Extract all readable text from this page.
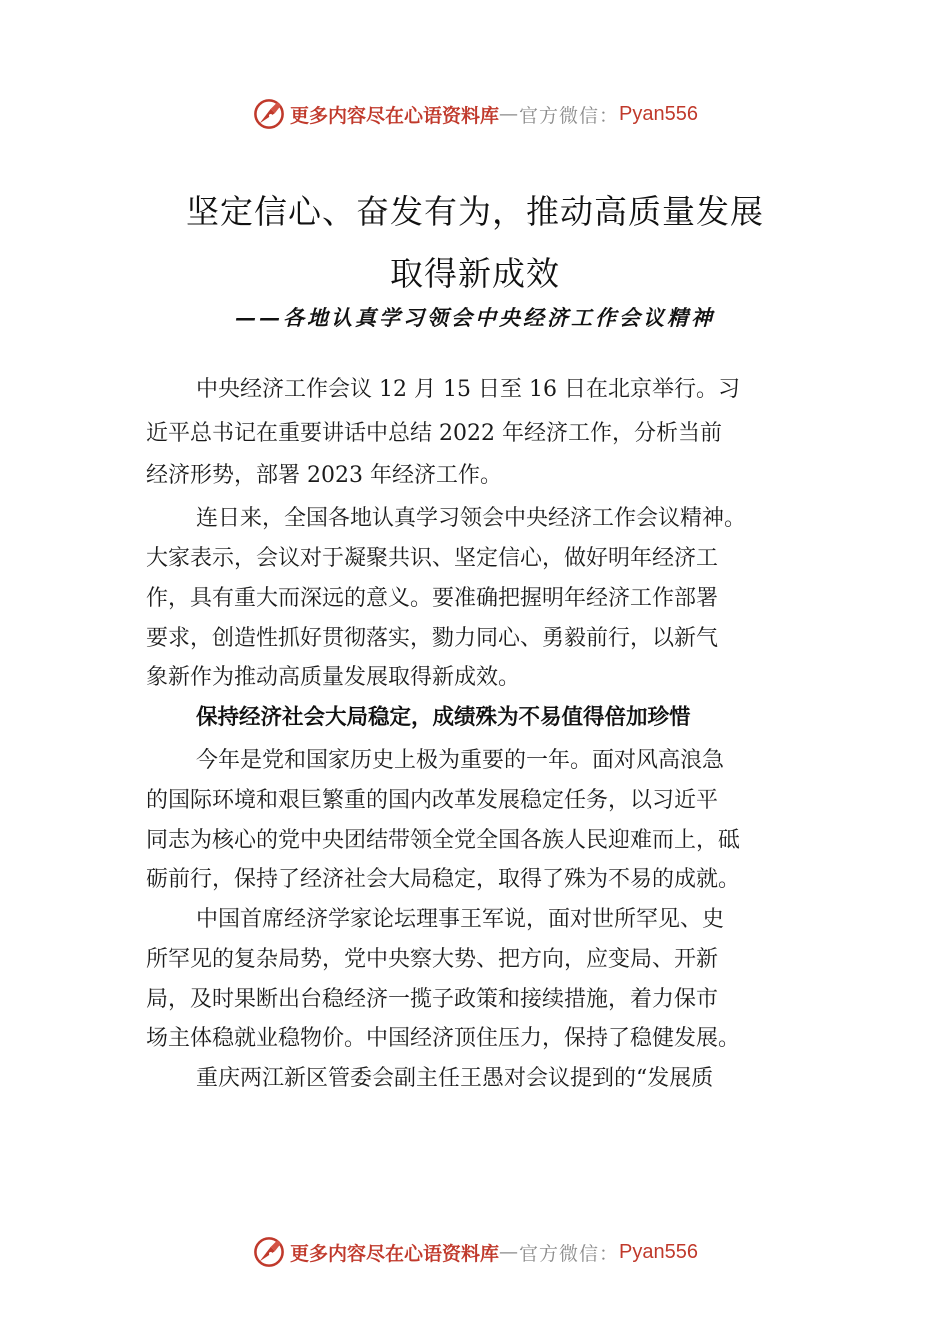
更多内容尽在心语资料库 — 官方微信： Pyan556
坚定信心、奋发有为，推动高质量发展
取得新成效
——各地认真学习领会中央经济工作会议精神
中央经济工作会议 12 月 15 日至 16 日在北京举行。习
近平总书记在重要讲话中总结 2022 年经济工作，分析当前
经济形势，部署 2023 年经济工作。
连日来，全国各地认真学习领会中央经济工作会议精神。
大家表示，会议对于凝聚共识、坚定信心，做好明年经济工
作，具有重大而深远的意义。要准确把握明年经济工作部署
要求，创造性抓好贯彻落实，勠力同心、勇毅前行，以新气
象新作为推动高质量发展取得新成效。
保持经济社会大局稳定，成绩殊为不易值得倍加珍惜
今年是党和国家历史上极为重要的一年。面对风高浪急
的国际环境和艰巨繁重的国内改革发展稳定任务，以习近平
同志为核心的党中央团结带领全党全国各族人民迎难而上，砥
砺前行，保持了经济社会大局稳定，取得了殊为不易的成就。
中国首席经济学家论坛理事王军说，面对世所罕见、史
所罕见的复杂局势，党中央察大势、把方向，应变局、开新
局，及时果断出台稳经济一揽子政策和接续措施，着力保市
场主体稳就业稳物价。中国经济顶住压力，保持了稳健发展。
重庆两江新区管委会副主任王愚对会议提到的“发展质
更多内容尽在心语资料库 — 官方微信： Pyan556
